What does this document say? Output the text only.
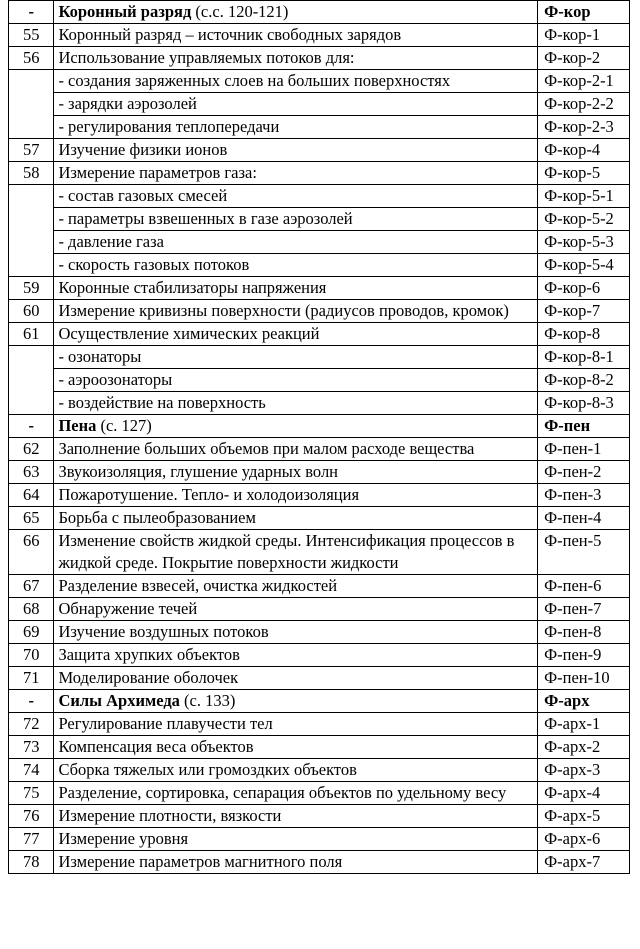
-	Коронный разряд (с.с. 120-121)	Ф-кор
55	Коронный разряд – источник свободных зарядов	Ф-кор-1
56	Использование управляемых потоков для:	Ф-кор-2
	- создания заряженных слоев на больших поверхностях	Ф-кор-2-1
	- зарядки аэрозолей	Ф-кор-2-2
	- регулирования теплопередачи	Ф-кор-2-3
57	Изучение физики ионов	Ф-кор-4
58	Измерение параметров газа:	Ф-кор-5
	- состав газовых смесей	Ф-кор-5-1
	- параметры взвешенных в газе аэрозолей	Ф-кор-5-2
	- давление газа	Ф-кор-5-3
	- скорость газовых потоков	Ф-кор-5-4
59	Коронные стабилизаторы напряжения	Ф-кор-6
60	Измерение кривизны поверхности (радиусов проводов, кромок)	Ф-кор-7
61	Осуществление химических реакций	Ф-кор-8
	- озонаторы	Ф-кор-8-1
	- аэроозонаторы	Ф-кор-8-2
	- воздействие на поверхность	Ф-кор-8-3
-	Пена (с. 127)	Ф-пен
62	Заполнение больших объемов при малом расходе вещества	Ф-пен-1
63	Звукоизоляция, глушение ударных волн	Ф-пен-2
64	Пожаротушение. Тепло- и холодоизоляция	Ф-пен-3
65	Борьба с пылеобразованием	Ф-пен-4
66	Изменение свойств жидкой среды. Интенсификация процессов в жидкой среде. Покрытие поверхности жидкости	Ф-пен-5
67	Разделение взвесей, очистка жидкостей	Ф-пен-6
68	Обнаружение течей	Ф-пен-7
69	Изучение воздушных потоков	Ф-пен-8
70	Защита хрупких объектов	Ф-пен-9
71	Моделирование оболочек	Ф-пен-10
-	Силы Архимеда (с. 133)	Ф-арх
72	Регулирование плавучести тел	Ф-арх-1
73	Компенсация веса объектов	Ф-арх-2
74	Сборка тяжелых или громоздких объектов	Ф-арх-3
75	Разделение, сортировка, сепарация объектов по удельному весу	Ф-арх-4
76	Измерение плотности, вязкости	Ф-арх-5
77	Измерение уровня	Ф-арх-6
78	Измерение параметров магнитного поля	Ф-арх-7
